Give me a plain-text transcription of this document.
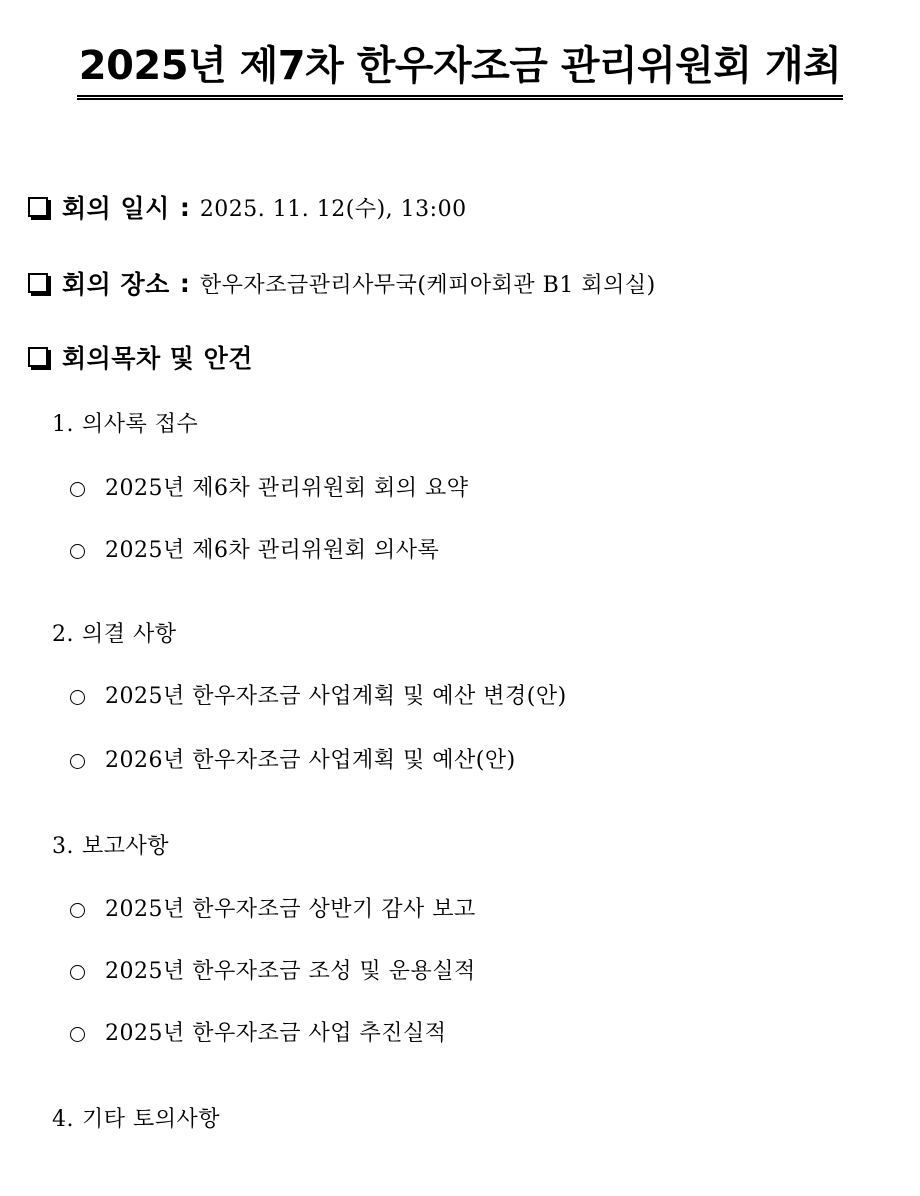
2025년 제7차 한우자조금 관리위원회 개최
회의 일시 : 2025. 11. 12(수), 13:00
회의 장소 : 한우자조금관리사무국(케피아회관 B1 회의실)
회의목차 및 안건
1. 의사록 접수
2025년 제6차 관리위원회 회의 요약
2025년 제6차 관리위원회 의사록
2. 의결 사항
2025년 한우자조금 사업계획 및 예산 변경(안)
2026년 한우자조금 사업계획 및 예산(안)
3. 보고사항
2025년 한우자조금 상반기 감사 보고
2025년 한우자조금 조성 및 운용실적
2025년 한우자조금 사업 추진실적
4. 기타 토의사항
